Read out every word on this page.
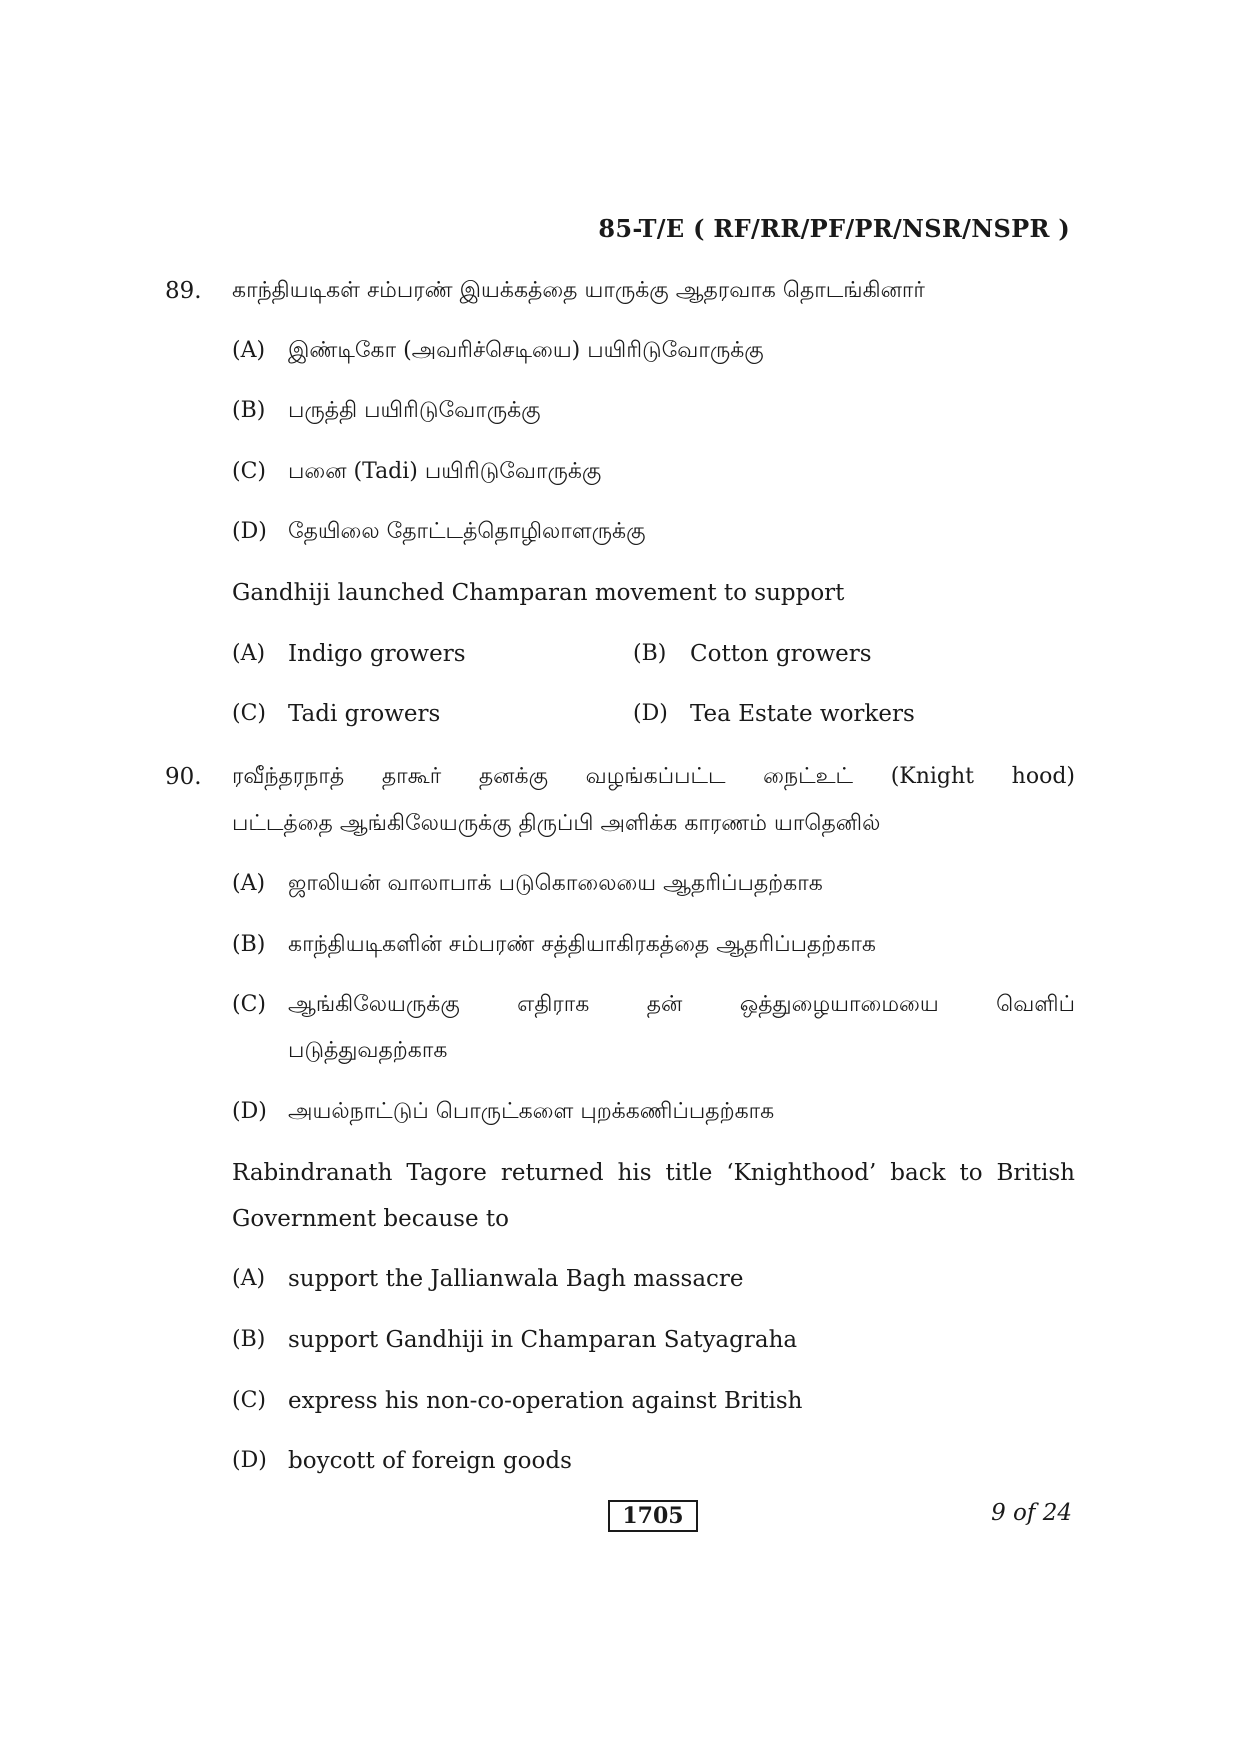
85-T/E ( RF/RR/PF/PR/NSR/NSPR )
89. காந்தியடிகள் சம்பரண் இயக்கத்தை யாருக்கு ஆதரவாக தொடங்கினார்
(A) இண்டிகோ (அவரிச்செடியை) பயிரிடுவோருக்கு
(B) பருத்தி பயிரிடுவோருக்கு
(C) பனை (Tadi) பயிரிடுவோருக்கு
(D) தேயிலை தோட்டத்தொழிலாளருக்கு
Gandhiji launched Champaran movement to support
(A) Indigo growers	(B) Cotton growers
(C) Tadi growers	(D) Tea Estate workers
90. ரவீந்தரநாத் தாகூர் தனக்கு வழங்கப்பட்ட நைட்உட் (Knight hood)
பட்டத்தை ஆங்கிலேயருக்கு திருப்பி அளிக்க காரணம் யாதெனில்
(A) ஜாலியன் வாலாபாக் படுகொலையை ஆதரிப்பதற்காக
(B) காந்தியடிகளின் சம்பரண் சத்தியாகிரகத்தை ஆதரிப்பதற்காக
(C) ஆங்கிலேயருக்கு எதிராக தன் ஒத்துழையாமையை வெளிப்
படுத்துவதற்காக
(D) அயல்நாட்டுப் பொருட்களை புறக்கணிப்பதற்காக
Rabindranath Tagore returned his title ‘Knighthood’ back to British
Government because to
(A) support the Jallianwala Bagh massacre
(B) support Gandhiji in Champaran Satyagraha
(C) express his non-co-operation against British
(D) boycott of foreign goods
1705	9 of 24
